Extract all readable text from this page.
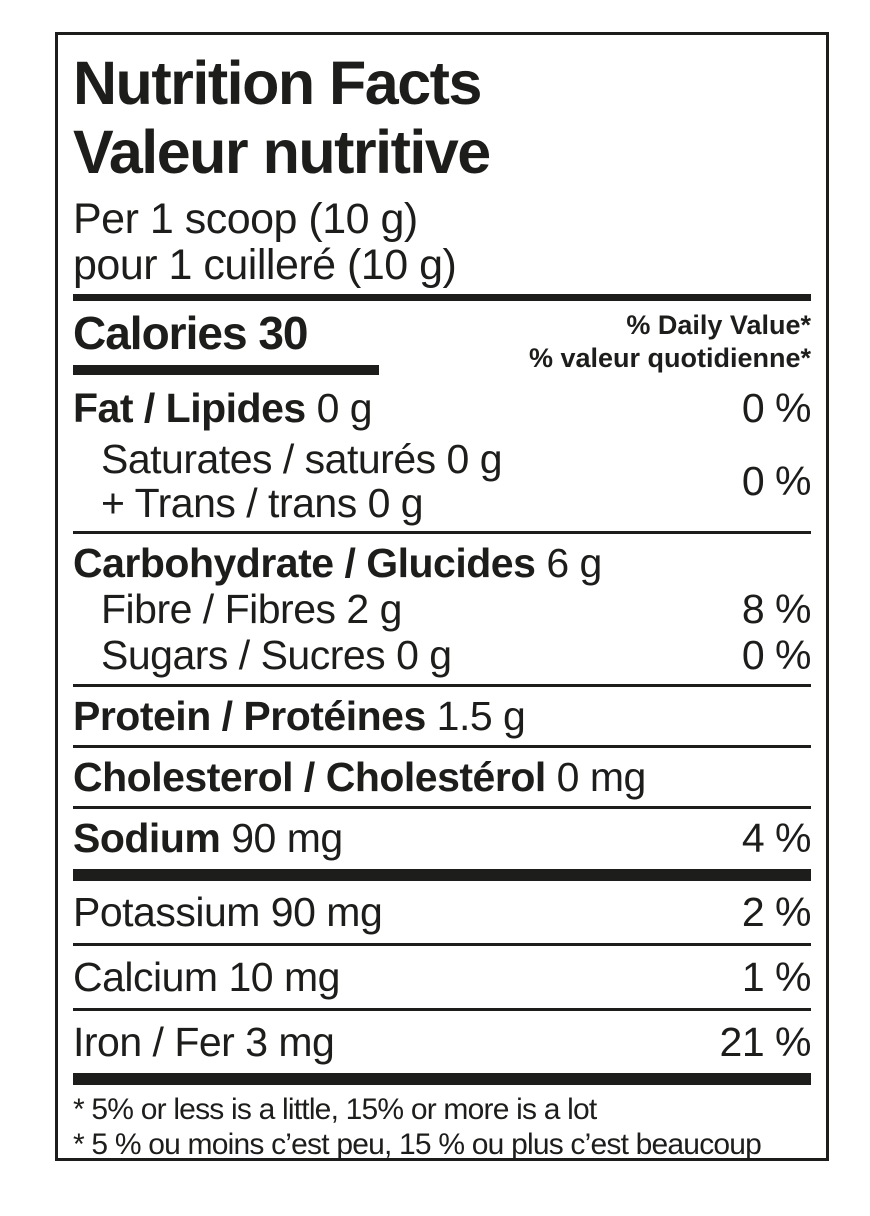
Nutrition Facts
Valeur nutritive
Per 1 scoop (10 g)
pour 1 cuilleré (10 g)
Calories 30	% Daily Value*
% valeur quotidienne*
Fat / Lipides 0 g	0 %
Saturates / saturés 0 g
+ Trans / trans 0 g	0 %
Carbohydrate / Glucides 6 g
Fibre / Fibres 2 g	8 %
Sugars / Sucres 0 g	0 %
Protein / Protéines 1.5 g
Cholesterol / Cholestérol 0 mg
Sodium 90 mg	4 %
Potassium 90 mg	2 %
Calcium 10 mg	1 %
Iron / Fer 3 mg	21 %
* 5% or less is a little, 15% or more is a lot
* 5 % ou moins c’est peu, 15 % ou plus c’est beaucoup
